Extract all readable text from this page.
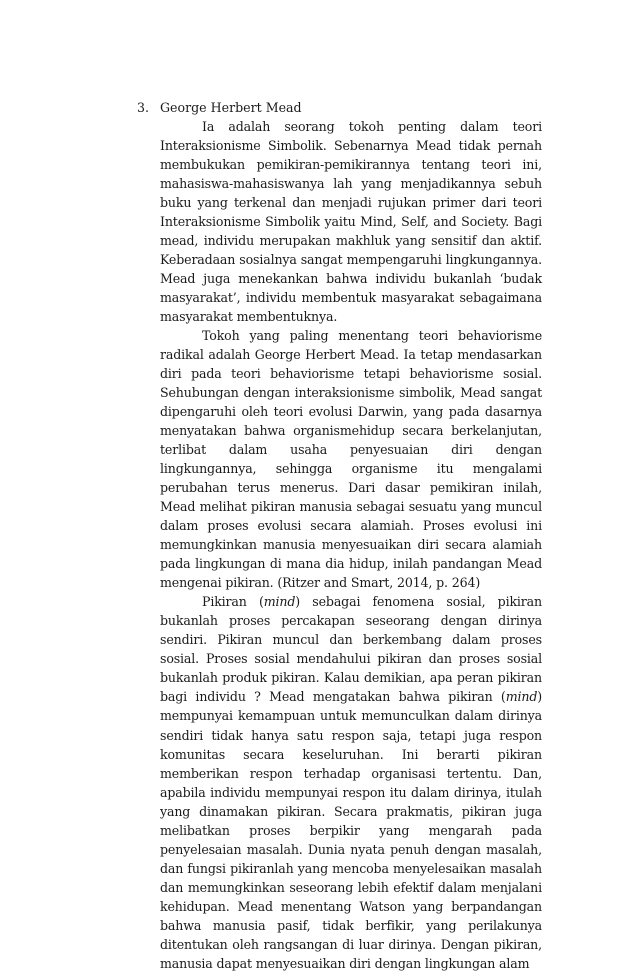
3. George Herbert Mead

Ia adalah seorang tokoh penting dalam teori Interaksionisme Simbolik. Sebenarnya Mead tidak pernah membukukan pemikiran-pemikirannya tentang teori ini, mahasiswa-mahasiswanya lah yang menjadikannya sebuh buku yang terkenal dan menjadi rujukan primer dari teori Interaksionisme Simbolik yaitu Mind, Self, and Society. Bagi mead, individu merupakan makhluk yang sensitif dan aktif. Keberadaan sosialnya sangat mempengaruhi lingkungannya. Mead juga menekankan bahwa individu bukanlah ‘budak masyarakat’, individu membentuk masyarakat sebagaimana masyarakat membentuknya.

Tokoh yang paling menentang teori behaviorisme radikal adalah George Herbert Mead. Ia tetap mendasarkan diri pada teori behaviorisme tetapi behaviorisme sosial. Sehubungan dengan interaksionisme simbolik, Mead sangat dipengaruhi oleh teori evolusi Darwin, yang pada dasarnya menyatakan bahwa organismehidup secara berkelanjutan, terlibat dalam usaha penyesuaian diri dengan lingkungannya, sehingga organisme itu mengalami perubahan terus menerus. Dari dasar pemikiran inilah, Mead melihat pikiran manusia sebagai sesuatu yang muncul dalam proses evolusi secara alamiah. Proses evolusi ini memungkinkan manusia menyesuaikan diri secara alamiah pada lingkungan di mana dia hidup, inilah pandangan Mead mengenai pikiran. (Ritzer and Smart, 2014, p. 264)

Pikiran (mind) sebagai fenomena sosial, pikiran bukanlah proses percakapan seseorang dengan dirinya sendiri. Pikiran muncul dan berkembang dalam proses sosial. Proses sosial mendahului pikiran dan proses sosial bukanlah produk pikiran. Kalau demikian, apa peran pikiran bagi individu ? Mead mengatakan bahwa pikiran (mind) mempunyai kemampuan untuk memunculkan dalam dirinya sendiri tidak hanya satu respon saja, tetapi juga respon komunitas secara keseluruhan. Ini berarti pikiran memberikan respon terhadap organisasi tertentu. Dan, apabila individu mempunyai respon itu dalam dirinya, itulah yang dinamakan pikiran. Secara prakmatis, pikiran juga melibatkan proses berpikir yang mengarah pada penyelesaian masalah. Dunia nyata penuh dengan masalah, dan fungsi pikiranlah yang mencoba menyelesaikan masalah dan memungkinkan seseorang lebih efektif dalam menjalani kehidupan. Mead menentang Watson yang berpandangan bahwa manusia pasif, tidak berfikir, yang perilakunya ditentukan oleh rangsangan di luar dirinya. Dengan pikiran, manusia dapat menyesuaikan diri dengan lingkungan alam
